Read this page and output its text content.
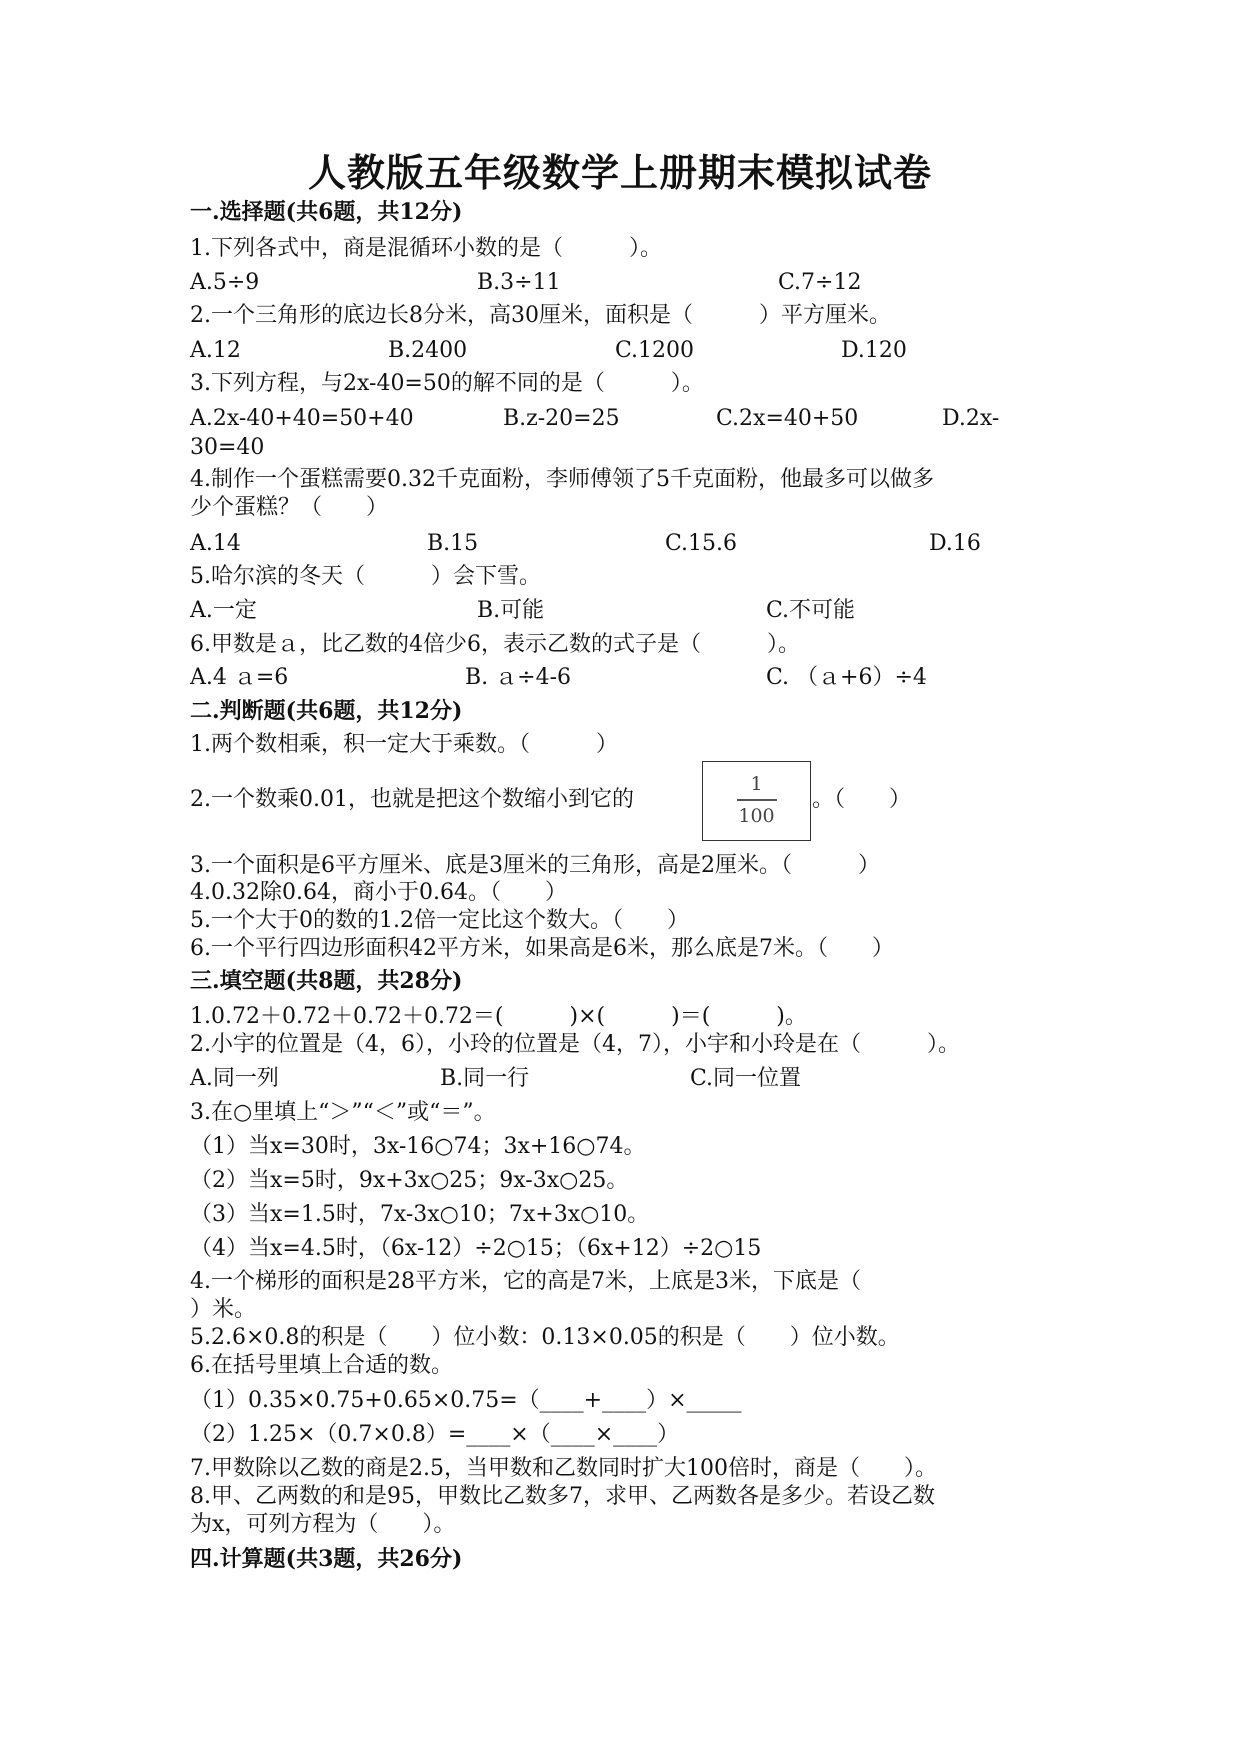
人教版五年级数学上册期末模拟试卷
一.选择题(共6题，共12分)
1.下列各式中，商是混循环小数的是（　　　）。
A.5÷9	B.3÷11	C.7÷12
2.一个三角形的底边长8分米，高30厘米，面积是（　　　）平方厘米。
A.12	B.2400	C.1200	D.120
3.下列方程，与2x-40=50的解不同的是（　　　）。
A.2x-40+40=50+40	B.z-20=25	C.2x=40+50	D.2x-
30=40
4.制作一个蛋糕需要0.32千克面粉，李师傅领了5千克面粉，他最多可以做多
少个蛋糕？（　　）
A.14	B.15	C.15.6	D.16
5.哈尔滨的冬天（　　　）会下雪。
A.一定	B.可能	C.不可能
6.甲数是ａ，比乙数的4倍少6，表示乙数的式子是（　　　）。
A.4 ａ=6	B. ａ÷4-6	C. （ａ+6）÷4
二.判断题(共6题，共12分)
1.两个数相乘，积一定大于乘数。（　　　）
2.一个数乘0.01，也就是把这个数缩小到它的
1
100
。（　　）
3.一个面积是6平方厘米、底是3厘米的三角形，高是2厘米。（　　　）
4.0.32除0.64，商小于0.64。（　　）
5.一个大于0的数的1.2倍一定比这个数大。（　　）
6.一个平行四边形面积42平方米，如果高是6米，那么底是7米。（　　）
三.填空题(共8题，共28分)
1.0.72＋0.72＋0.72＋0.72＝(　　　)×(　　　)＝(　　　)。
2.小宇的位置是（4，6），小玲的位置是（4，7），小宇和小玲是在（　　　）。
A.同一列	B.同一行	C.同一位置
3.在○里填上“＞”“＜”或“＝”。
（1）当x=30时，3x-16○74；3x+16○74。
（2）当x=5时，9x+3x○25；9x-3x○25。
（3）当x=1.5时，7x-3x○10；7x+3x○10。
（4）当x=4.5时，（6x-12）÷2○15；（6x+12）÷2○15
4.一个梯形的面积是28平方米，它的高是7米，上底是3米，下底是（
）米。
5.2.6×0.8的积是（　　）位小数：0.13×0.05的积是（　　）位小数。
6.在括号里填上合适的数。
（1）0.35×0.75+0.65×0.75=（____+____）×_____
（2）1.25×（0.7×0.8）=____×（____×____）
7.甲数除以乙数的商是2.5，当甲数和乙数同时扩大100倍时，商是（　　）。
8.甲、乙两数的和是95，甲数比乙数多7，求甲、乙两数各是多少。若设乙数
为x，可列方程为（　　）。
四.计算题(共3题，共26分)
